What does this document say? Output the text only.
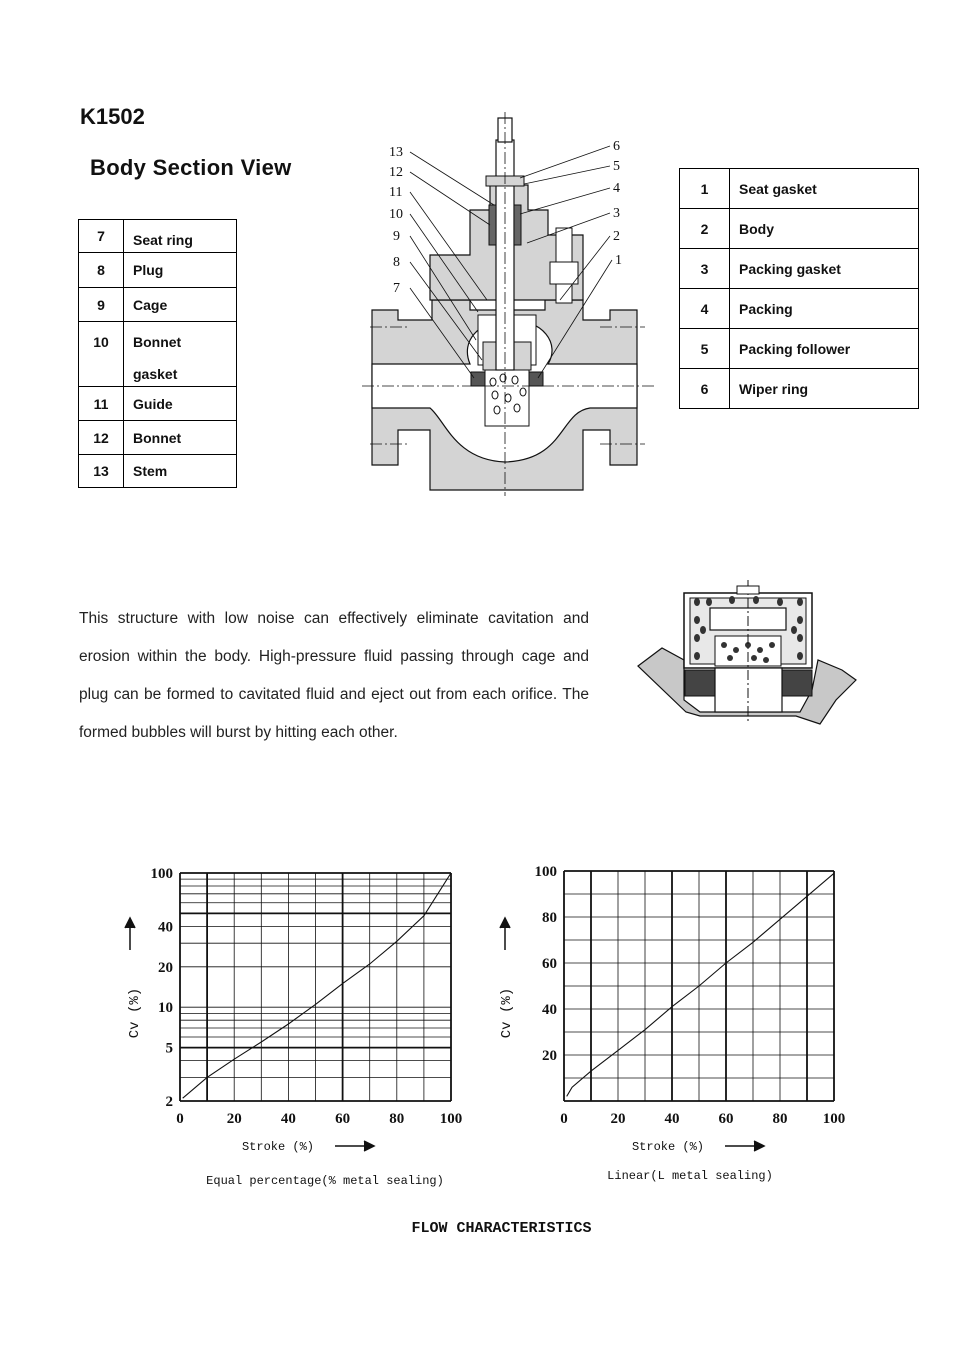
K1502
Body Section View
7	Seat ring
8	Plug
9	Cage
10	Bonnet
gasket

11	Guide
12	Bonnet
13	Stem
1	Seat gasket
2	Body
3	Packing gasket
4	Packing
5	Packing follower
6	Wiper ring
13
12
11
10
9
8
7
6
5
4
3
2
1

This structure with low noise can effectively eliminate cavitation and erosion within the body. High-pressure fluid passing through cage and plug can be formed to cavitated fluid and eject out from each orifice. The formed bubbles will burst by hitting each other.

0	20	40	60	80 100
2
5
10
20
40
100
Cv (%)
Stroke (%)
Equal percentage(% metal sealing)
0	20	40	60	80 100
20
40
60
80
100
Cv (%)
Stroke (%)
Linear(L metal sealing)

FLOW CHARACTERISTICS
